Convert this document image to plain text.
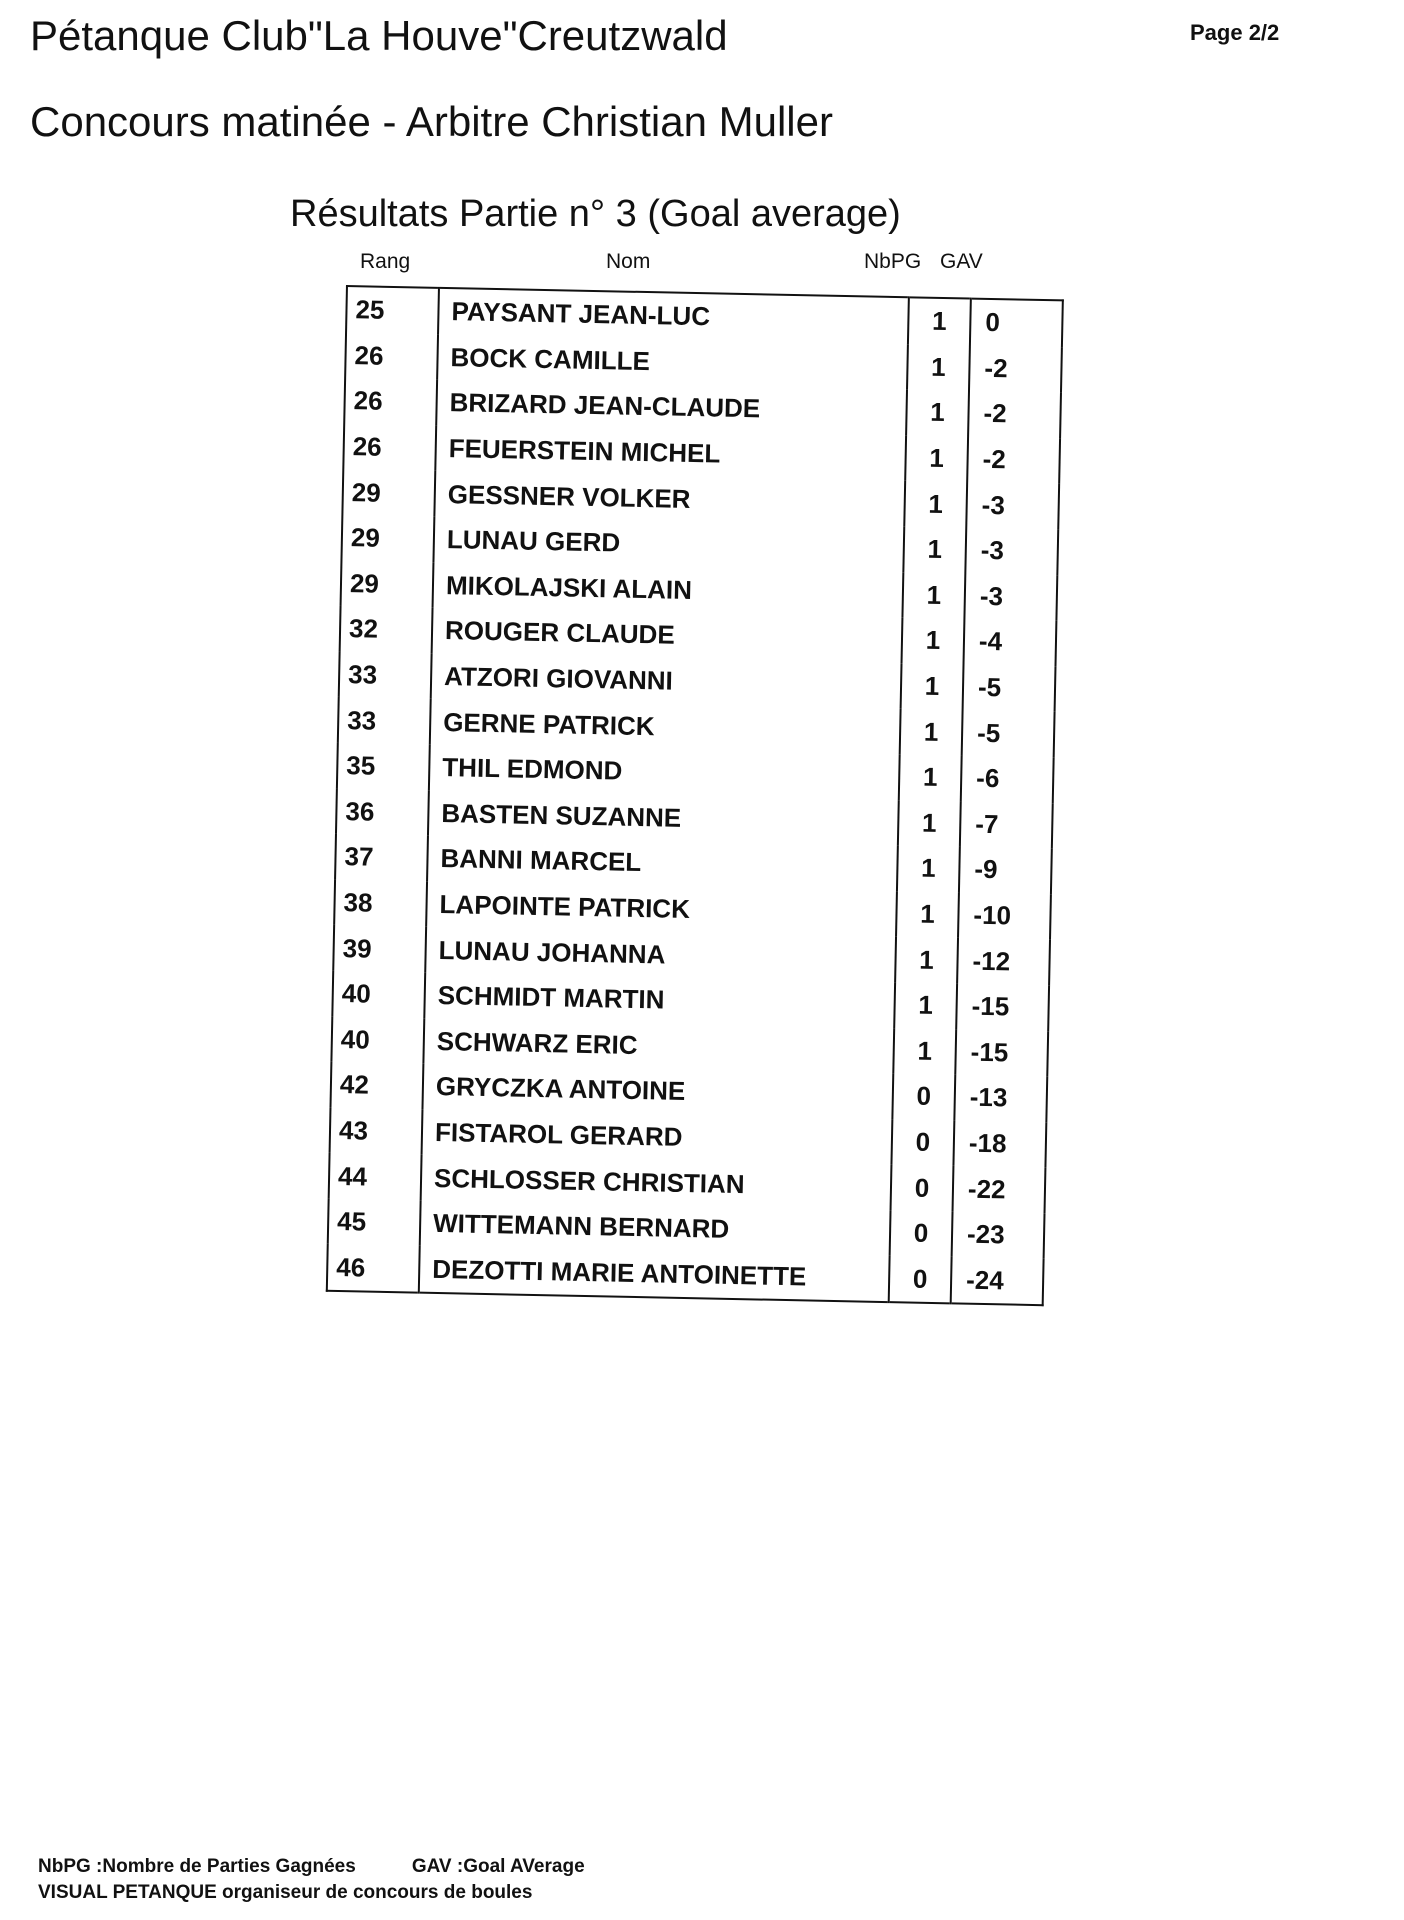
Pétanque Club"La Houve"Creutzwald	Page 2/2
Concours matinée - Arbitre Christian Muller
Résultats Partie n° 3 (Goal average)
Rang	Nom	NbPG GAV
25	PAYSANT JEAN-LUC	1	0
26	BOCK CAMILLE	1	-2
26	BRIZARD JEAN-CLAUDE	1	-2
26	FEUERSTEIN MICHEL	1	-2
29	GESSNER VOLKER	1	-3
29	LUNAU GERD	1	-3
29	MIKOLAJSKI ALAIN	1	-3
32	ROUGER CLAUDE	1	-4
33	ATZORI GIOVANNI	1	-5
33	GERNE PATRICK	1	-5
35	THIL EDMOND	1	-6
36	BASTEN SUZANNE	1	-7
37	BANNI MARCEL	1	-9
38	LAPOINTE PATRICK	1	-10
39	LUNAU JOHANNA	1	-12
40	SCHMIDT MARTIN	1	-15
40	SCHWARZ ERIC	1	-15
42	GRYCZKA ANTOINE	0	-13
43	FISTAROL GERARD	0	-18
44	SCHLOSSER CHRISTIAN	0	-22
45	WITTEMANN BERNARD	0	-23
46	DEZOTTI MARIE ANTOINETTE	0	-24
NbPG :Nombre de Parties Gagnées	GAV :Goal AVerage
VISUAL PETANQUE organiseur de concours de boules
